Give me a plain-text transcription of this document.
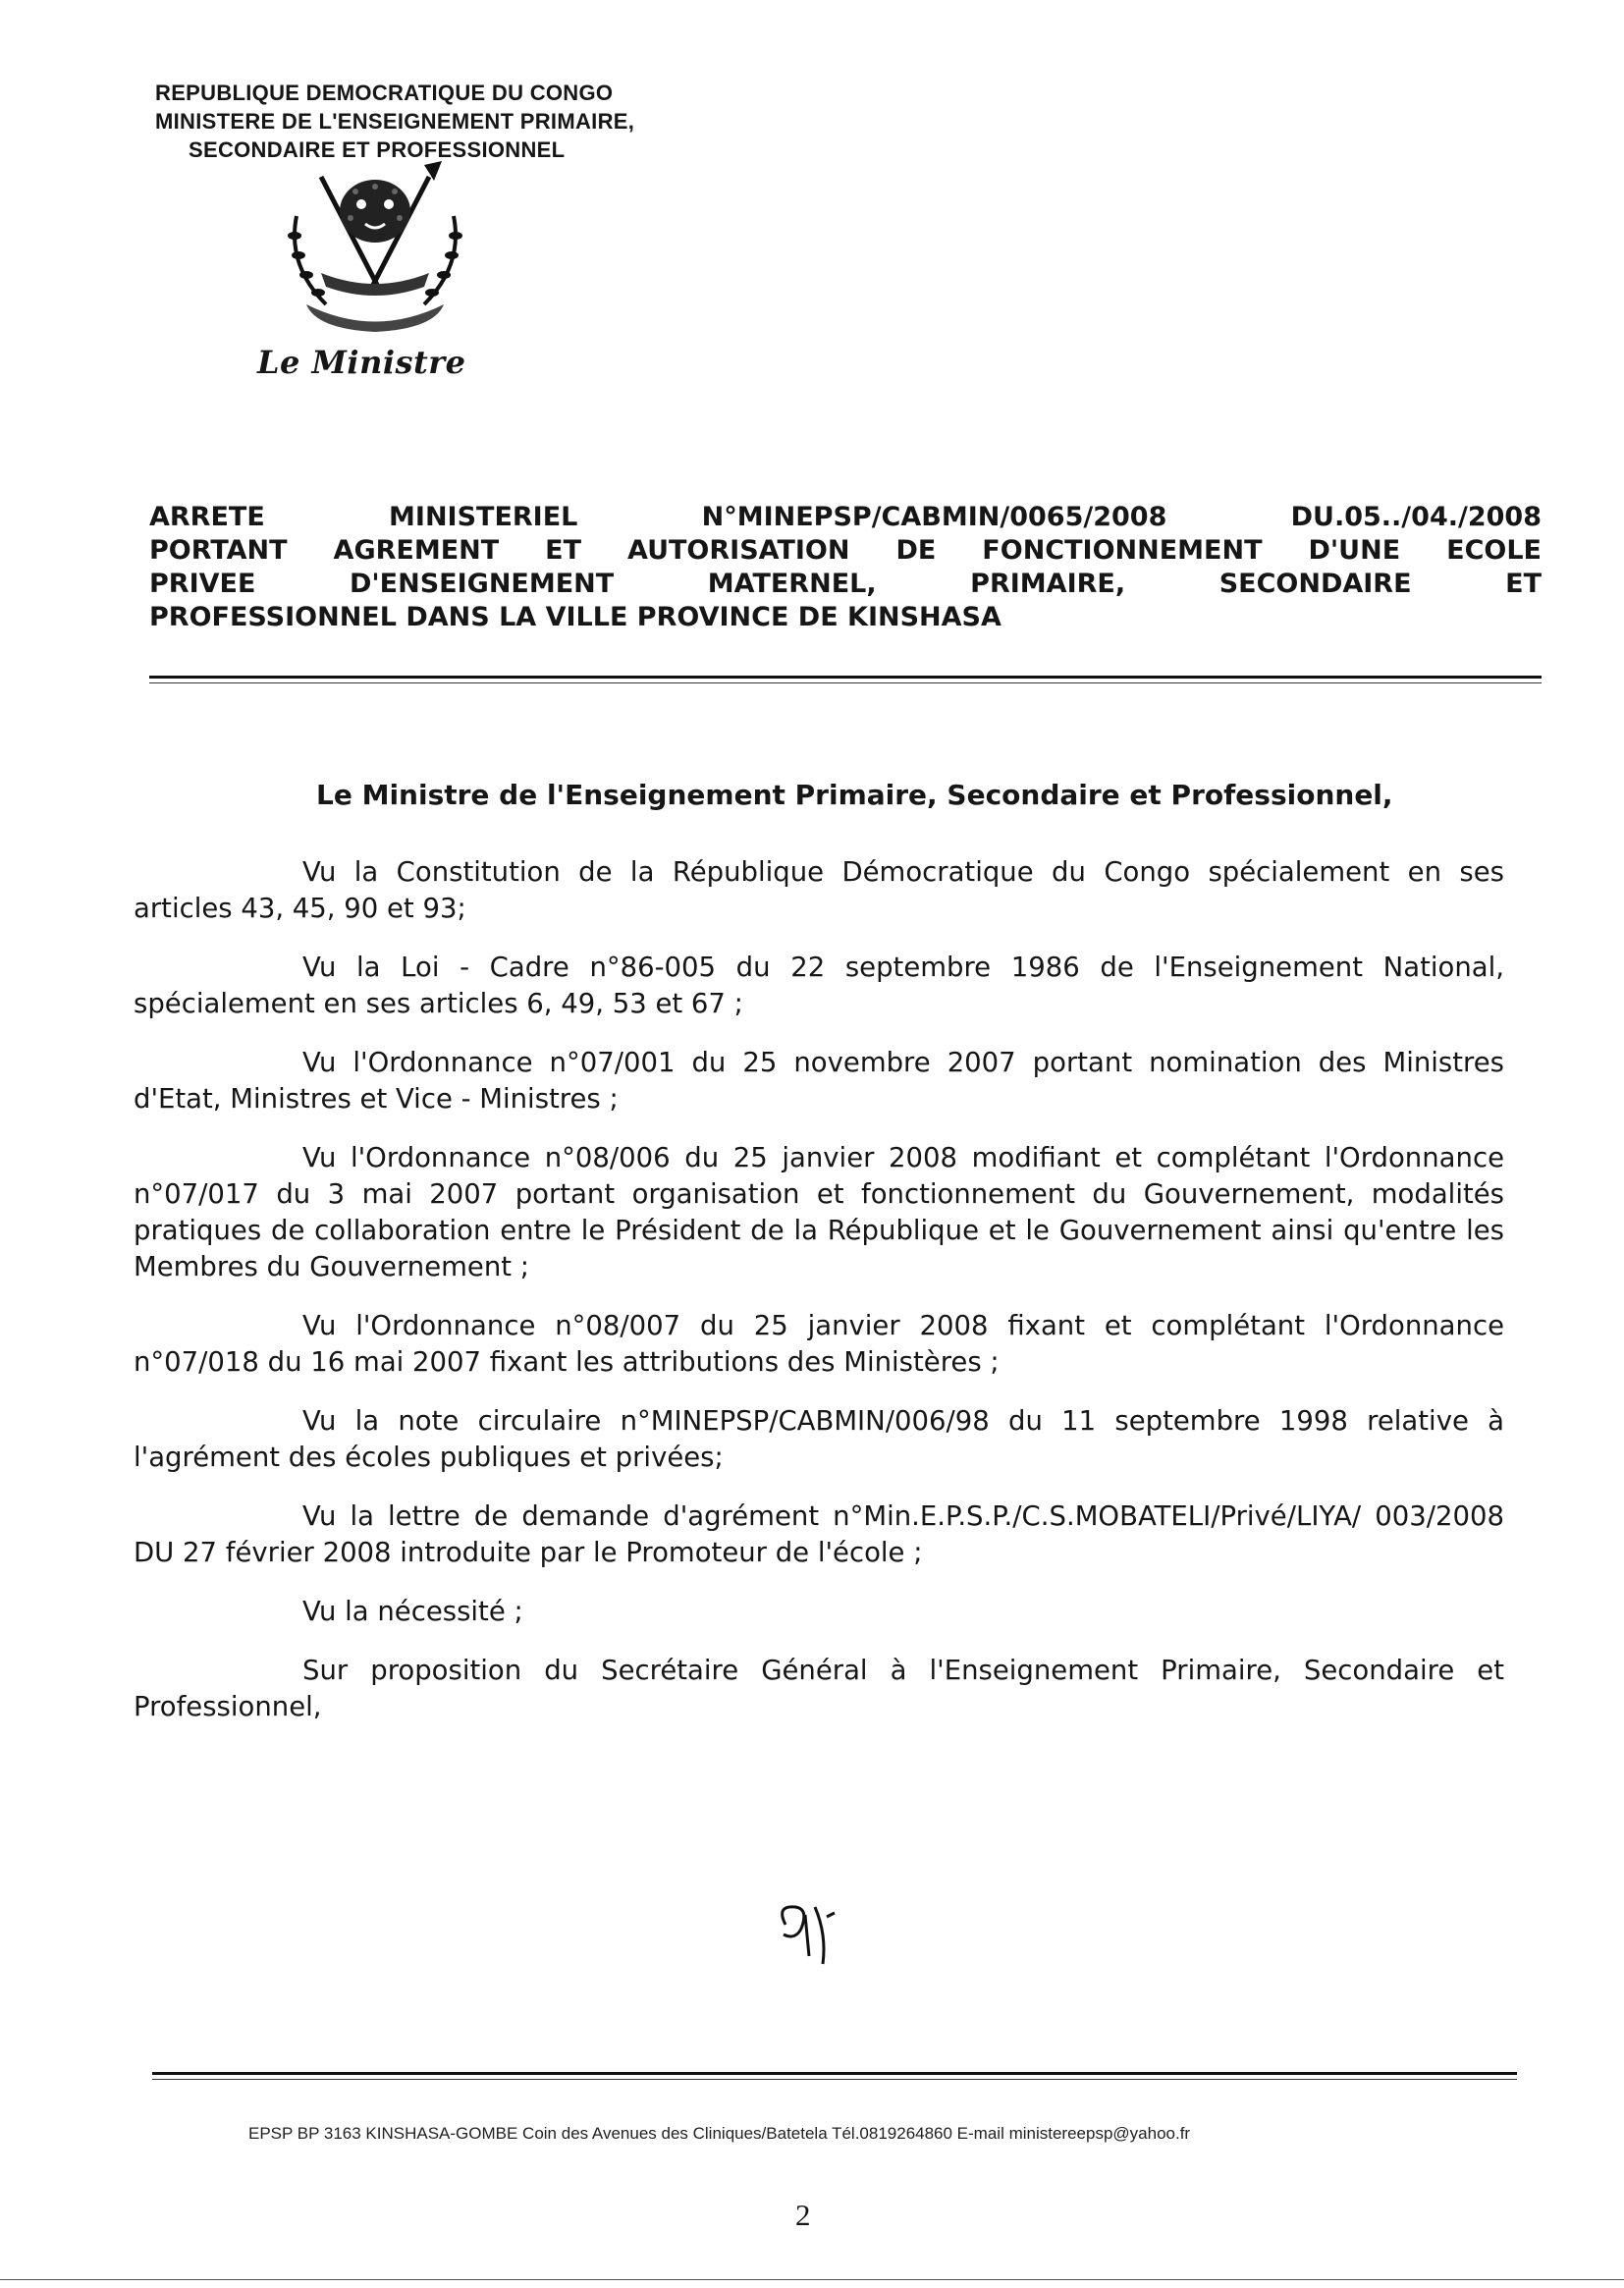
REPUBLIQUE DEMOCRATIQUE DU CONGO

MINISTERE DE L'ENSEIGNEMENT PRIMAIRE,

SECONDAIRE ET PROFESSIONNEL

Le Ministre

ARRETE MINISTERIEL N°MINEPSP/CABMIN/0065/2008 DU.05../04./2008

PORTANT AGREMENT ET AUTORISATION DE FONCTIONNEMENT D'UNE ECOLE

PRIVEE D'ENSEIGNEMENT MATERNEL, PRIMAIRE, SECONDAIRE ET

PROFESSIONNEL DANS LA VILLE PROVINCE DE KINSHASA

Le Ministre de l'Enseignement Primaire, Secondaire et Professionnel,

Vu la Constitution de la République Démocratique du Congo spécialement en ses articles 43, 45, 90 et 93;

Vu la Loi - Cadre n°86-005 du 22 septembre 1986 de l'Enseignement National, spécialement en ses articles 6, 49, 53 et 67 ;

Vu l'Ordonnance n°07/001 du 25 novembre 2007 portant nomination des Ministres d'Etat, Ministres et Vice - Ministres ;

Vu l'Ordonnance n°08/006 du 25 janvier 2008 modifiant et complétant l'Ordonnance n°07/017 du 3 mai 2007 portant organisation et fonctionnement du Gouvernement, modalités pratiques de collaboration entre le Président de la République et le Gouvernement ainsi qu'entre les Membres du Gouvernement ;

Vu l'Ordonnance n°08/007 du 25 janvier 2008 fixant et complétant l'Ordonnance n°07/018 du 16 mai 2007 fixant les attributions des Ministères ;

Vu la note circulaire n°MINEPSP/CABMIN/006/98 du 11 septembre 1998 relative à l'agrément des écoles publiques et privées;

Vu la lettre de demande d'agrément n°Min.E.P.S.P./C.S.MOBATELI/Privé/LIYA/ 003/2008 DU 27 février 2008 introduite par le Promoteur de l'école ;

Vu la nécessité ;

Sur proposition du Secrétaire Général à l'Enseignement Primaire, Secondaire et Professionnel,

EPSP BP 3163 KINSHASA-GOMBE Coin des Avenues des Cliniques/Batetela Tél.0819264860 E-mail ministereepsp@yahoo.fr
2
